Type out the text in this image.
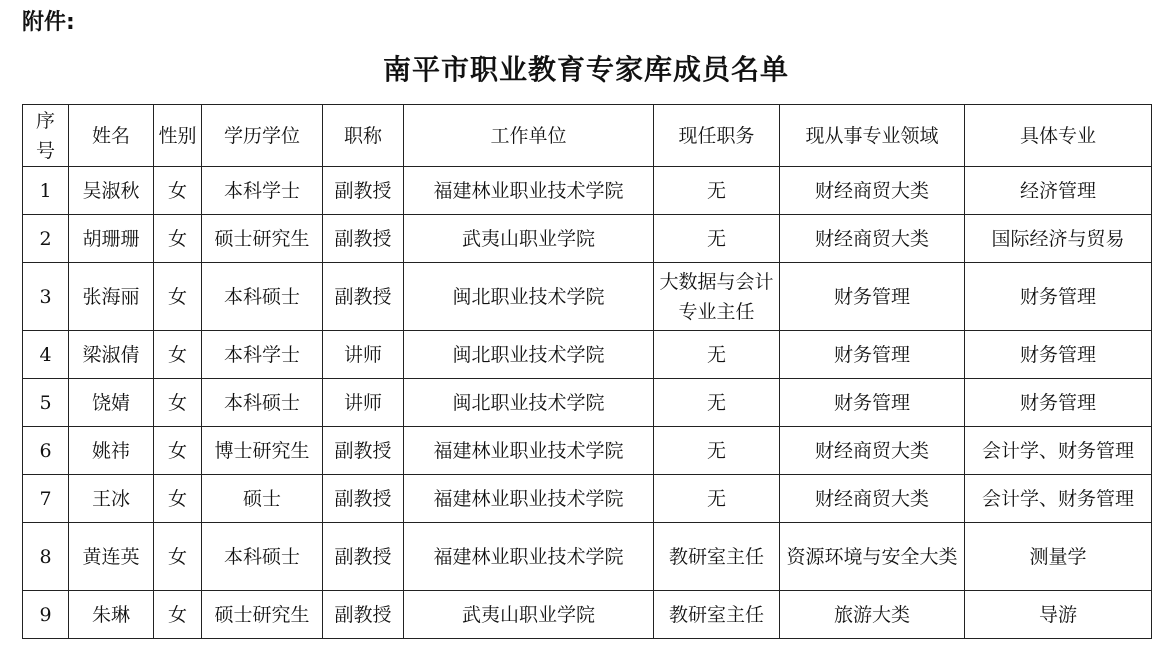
附件:
南平市职业教育专家库成员名单
序号	姓名	性别	学历学位	职称	工作单位	现任职务	现从事专业领域	具体专业
1	吴淑秋	女	本科学士	副教授	福建林业职业技术学院	无	财经商贸大类	经济管理
2	胡珊珊	女	硕士研究生	副教授	武夷山职业学院	无	财经商贸大类	国际经济与贸易
3	张海丽	女	本科硕士	副教授	闽北职业技术学院	大数据与会计专业主任	财务管理	财务管理
4	梁淑倩	女	本科学士	讲师	闽北职业技术学院	无	财务管理	财务管理
5	饶婧	女	本科硕士	讲师	闽北职业技术学院	无	财务管理	财务管理
6	姚祎	女	博士研究生	副教授	福建林业职业技术学院	无	财经商贸大类	会计学、财务管理
7	王冰	女	硕士	副教授	福建林业职业技术学院	无	财经商贸大类	会计学、财务管理
8	黄连英	女	本科硕士	副教授	福建林业职业技术学院	教研室主任	资源环境与安全大类	测量学
9	朱琳	女	硕士研究生	副教授	武夷山职业学院	教研室主任	旅游大类	导游
